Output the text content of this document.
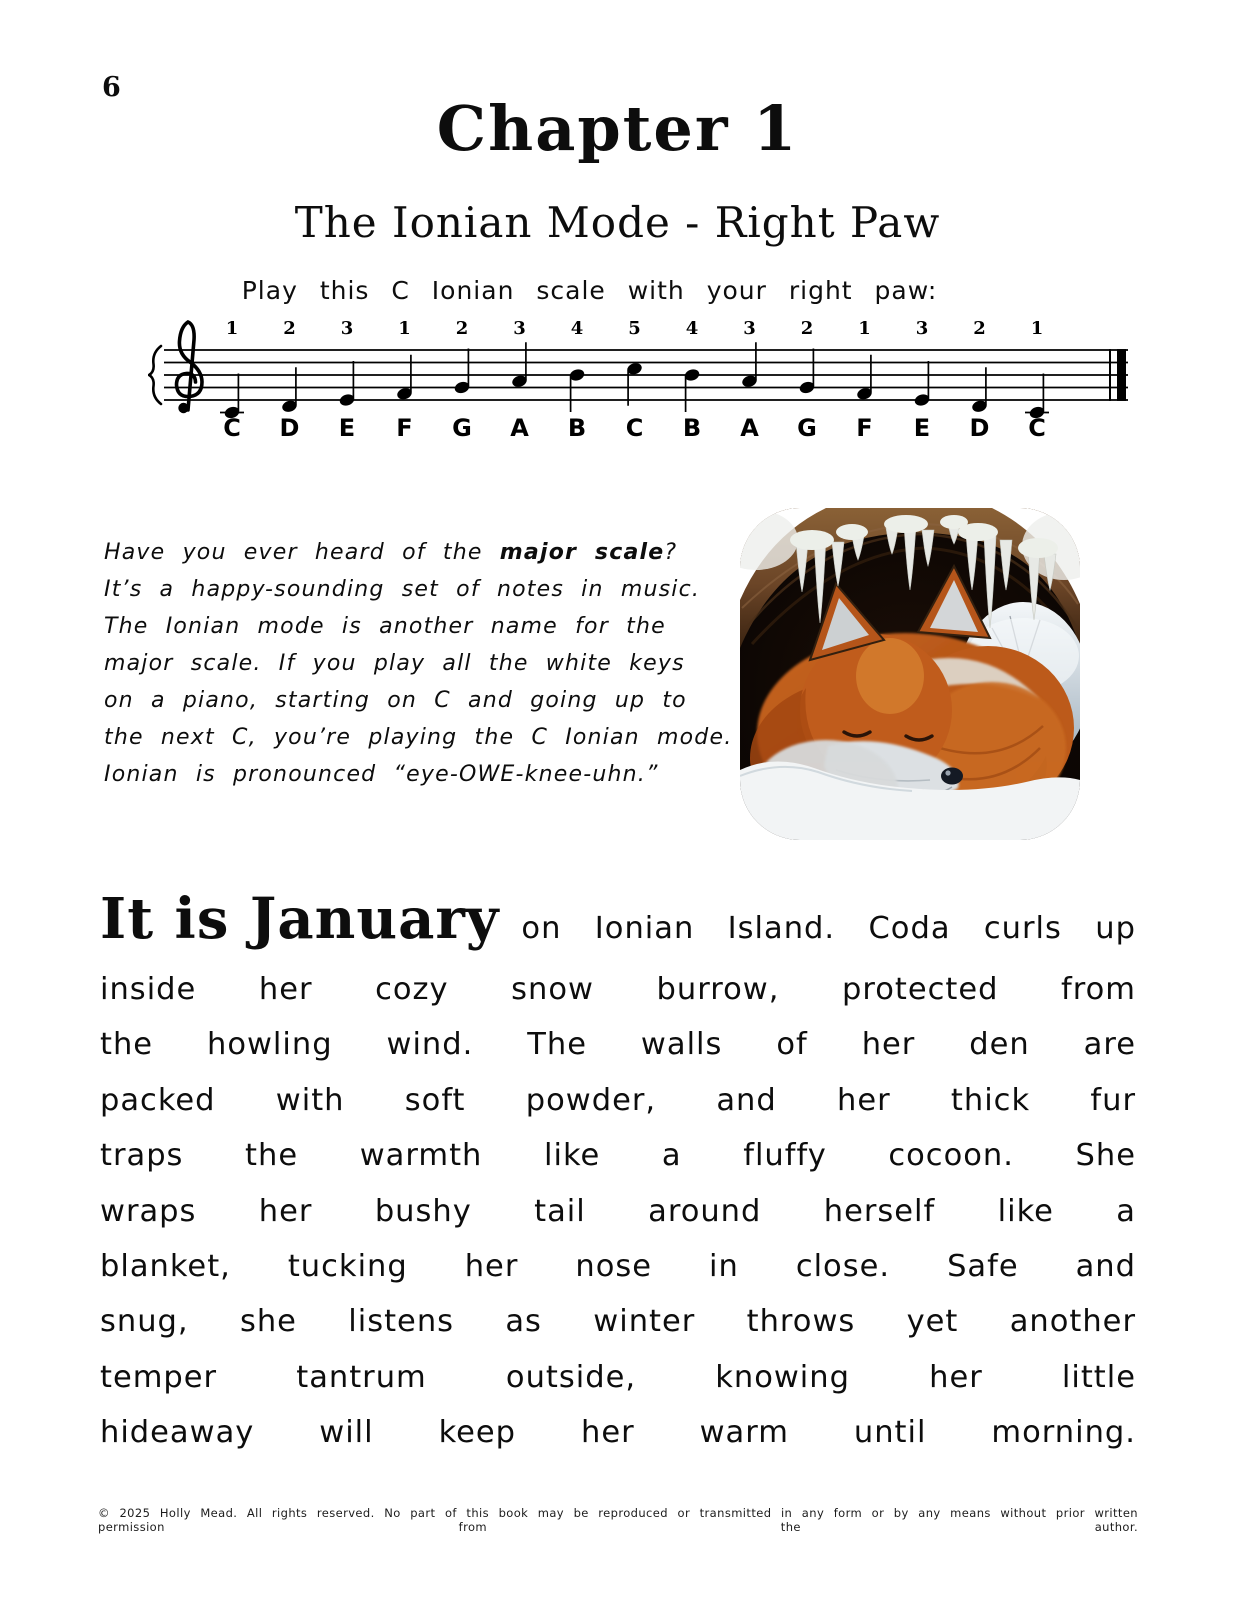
6
Chapter 1
The Ionian Mode - Right Paw
Play this C Ionian scale with your right paw:
1
C
2
D
3
E
1
F
2
G
3
A
4
B
5
C
4
B
3
A
2
G
1
F
3
E
2
D
1
C
Have you ever heard of the major scale?
It’s a happy-sounding set of notes in music.
The Ionian mode is another name for the
major scale. If you play all the white keys
on a piano, starting on C and going up to
the next C, you’re playing the C Ionian mode.
Ionian is pronounced “eye-OWE-knee-uhn.”
It is January on Ionian Island. Coda curls up
inside her cozy snow burrow, protected from
the howling wind. The walls of her den are
packed with soft powder, and her thick fur
traps the warmth like a fluffy cocoon. She
wraps her bushy tail around herself like a
blanket, tucking her nose in close. Safe and
snug, she listens as winter throws yet another
temper tantrum outside, knowing her little
hideaway will keep her warm until morning.
© 2025 Holly Mead. All rights reserved. No part of this book may be reproduced or transmitted in any form or by any means without prior written permission from the author.
